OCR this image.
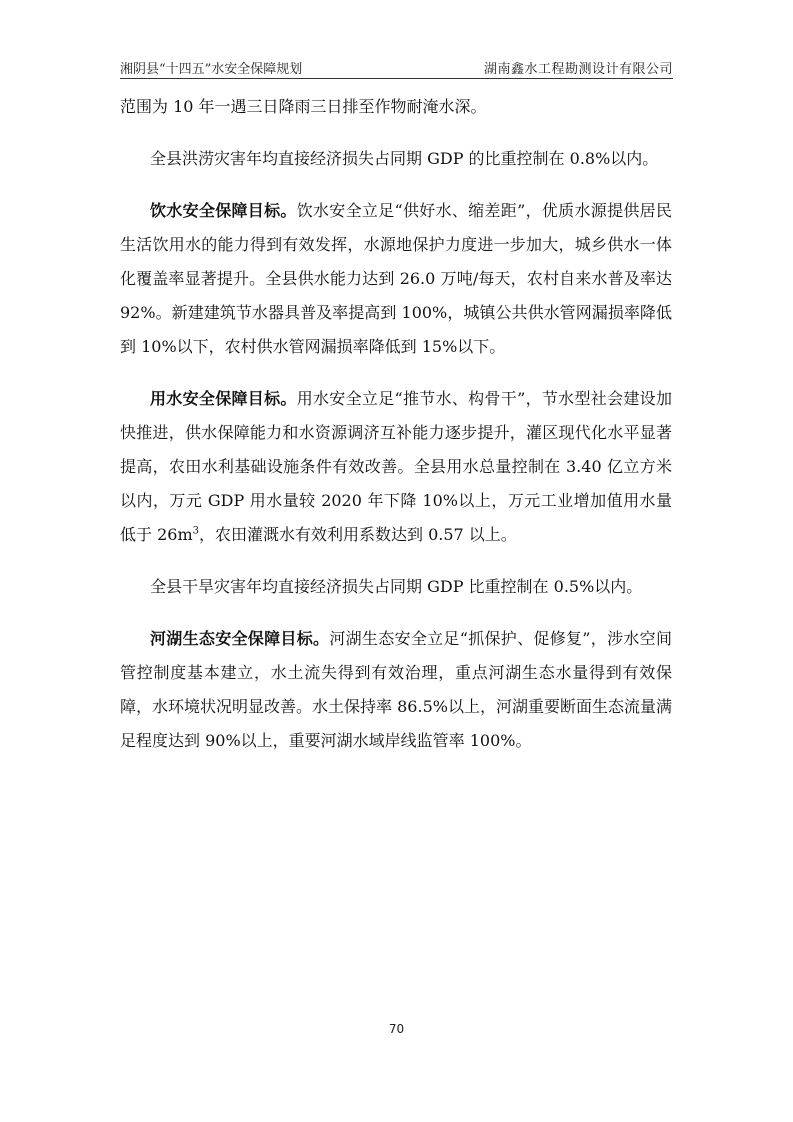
湘阴县“十四五”水安全保障规划	湖南鑫水工程勘测设计有限公司

范围为 10 年一遇三日降雨三日排至作物耐淹水深。

全县洪涝灾害年均直接经济损失占同期 GDP 的比重控制在 0.8%以内。

饮水安全保障目标。饮水安全立足“供好水、缩差距”，优质水源提供居民生活饮用水的能力得到有效发挥，水源地保护力度进一步加大，城乡供水一体化覆盖率显著提升。全县供水能力达到 26.0 万吨/每天，农村自来水普及率达 92%。新建建筑节水器具普及率提高到 100%，城镇公共供水管网漏损率降低到 10%以下，农村供水管网漏损率降低到 15%以下。

用水安全保障目标。用水安全立足“推节水、构骨干”，节水型社会建设加快推进，供水保障能力和水资源调济互补能力逐步提升，灌区现代化水平显著提高，农田水利基础设施条件有效改善。全县用水总量控制在 3.40 亿立方米以内，万元 GDP 用水量较 2020 年下降 10%以上，万元工业增加值用水量低于 $26m^3$，农田灌溉水有效利用系数达到 0.57 以上。

全县干旱灾害年均直接经济损失占同期 GDP 比重控制在 0.5%以内。

河湖生态安全保障目标。河湖生态安全立足“抓保护、促修复”，涉水空间管控制度基本建立，水土流失得到有效治理，重点河湖生态水量得到有效保障，水环境状况明显改善。水土保持率 86.5%以上，河湖重要断面生态流量满足程度达到 90%以上，重要河湖水域岸线监管率 100%。

70
